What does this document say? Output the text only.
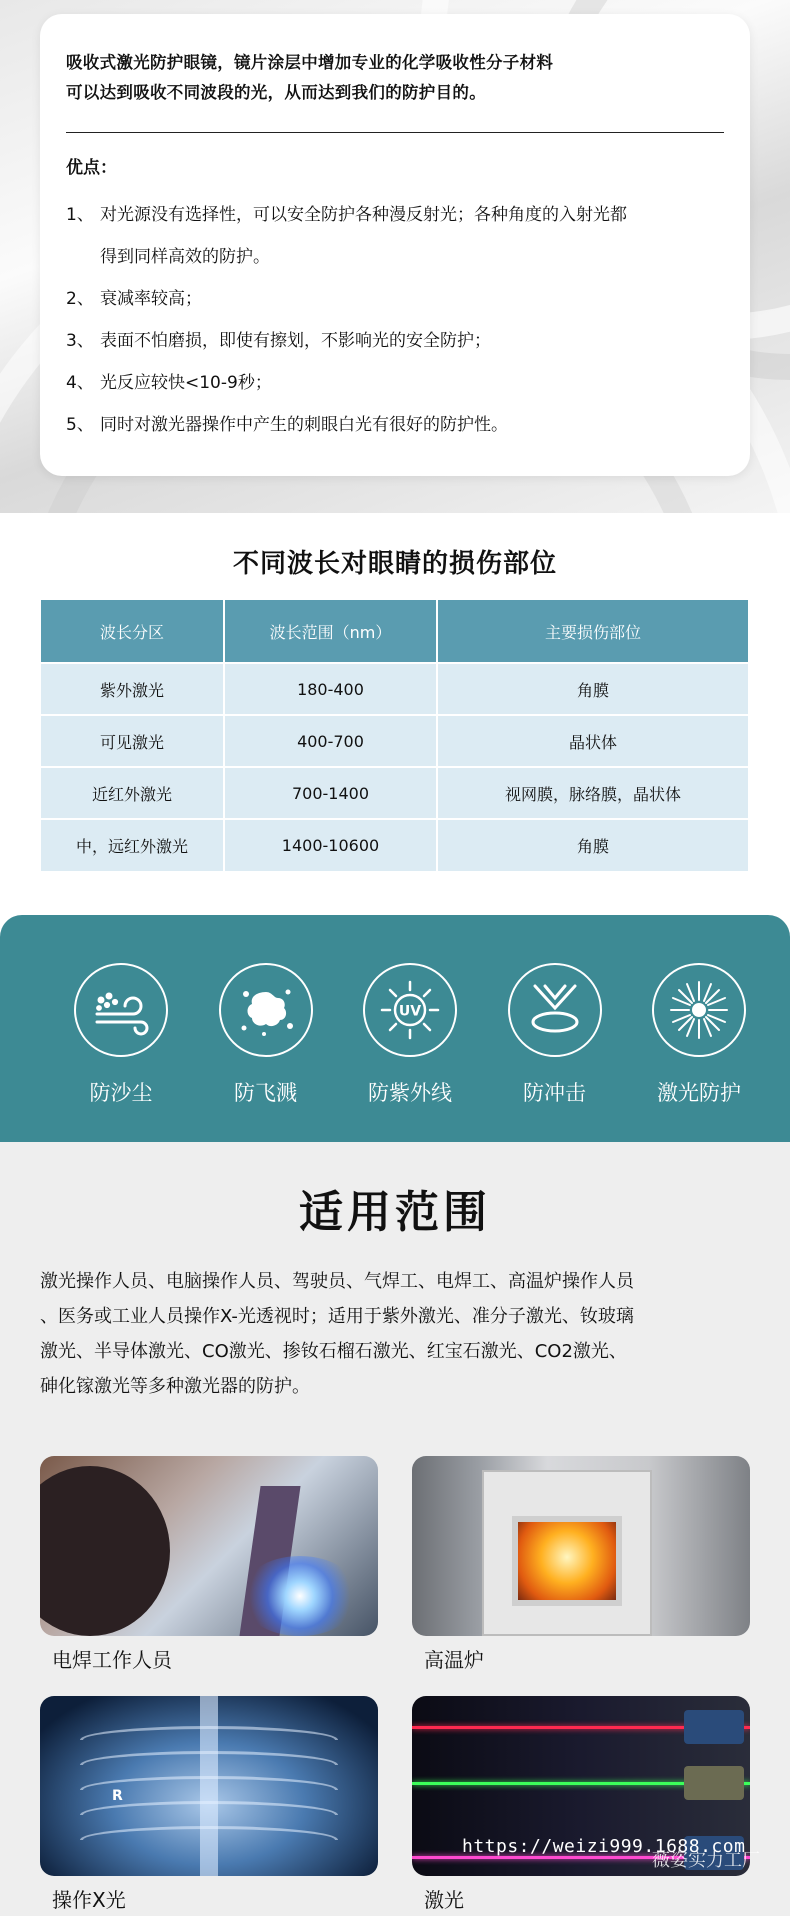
吸收式激光防护眼镜，镜片涂层中增加专业的化学吸收性分子材料
可以达到吸收不同波段的光，从而达到我们的防护目的。
优点：
1、 对光源没有选择性，可以安全防护各种漫反射光；各种角度的入射光都
得到同样高效的防护。
2、 衰减率较高；
3、 表面不怕磨损，即使有擦划，不影响光的安全防护；
4、 光反应较快<10-9秒；
5、 同时对激光器操作中产生的刺眼白光有很好的防护性。
不同波长对眼睛的损伤部位
波长分区	波长范围（nm）	主要损伤部位
紫外激光	180-400	角膜
可见激光	400-700	晶状体
近红外激光	700-1400	视网膜，脉络膜，晶状体
中，远红外激光	1400-10600	角膜
防沙尘	防飞溅
UV
防紫外线	防冲击	激光防护
适用范围
激光操作人员、电脑操作人员、驾驶员、气焊工、电焊工、高温炉操作人员
、医务或工业人员操作X-光透视时；适用于紫外激光、准分子激光、钕玻璃
激光、半导体激光、CO激光、掺钕石榴石激光、红宝石激光、CO2激光、
砷化镓激光等多种激光器的防护。
电焊工作人员	高温炉
R
操作X光
https://weizi999.1688.com
激光
薇姿实力工厂
